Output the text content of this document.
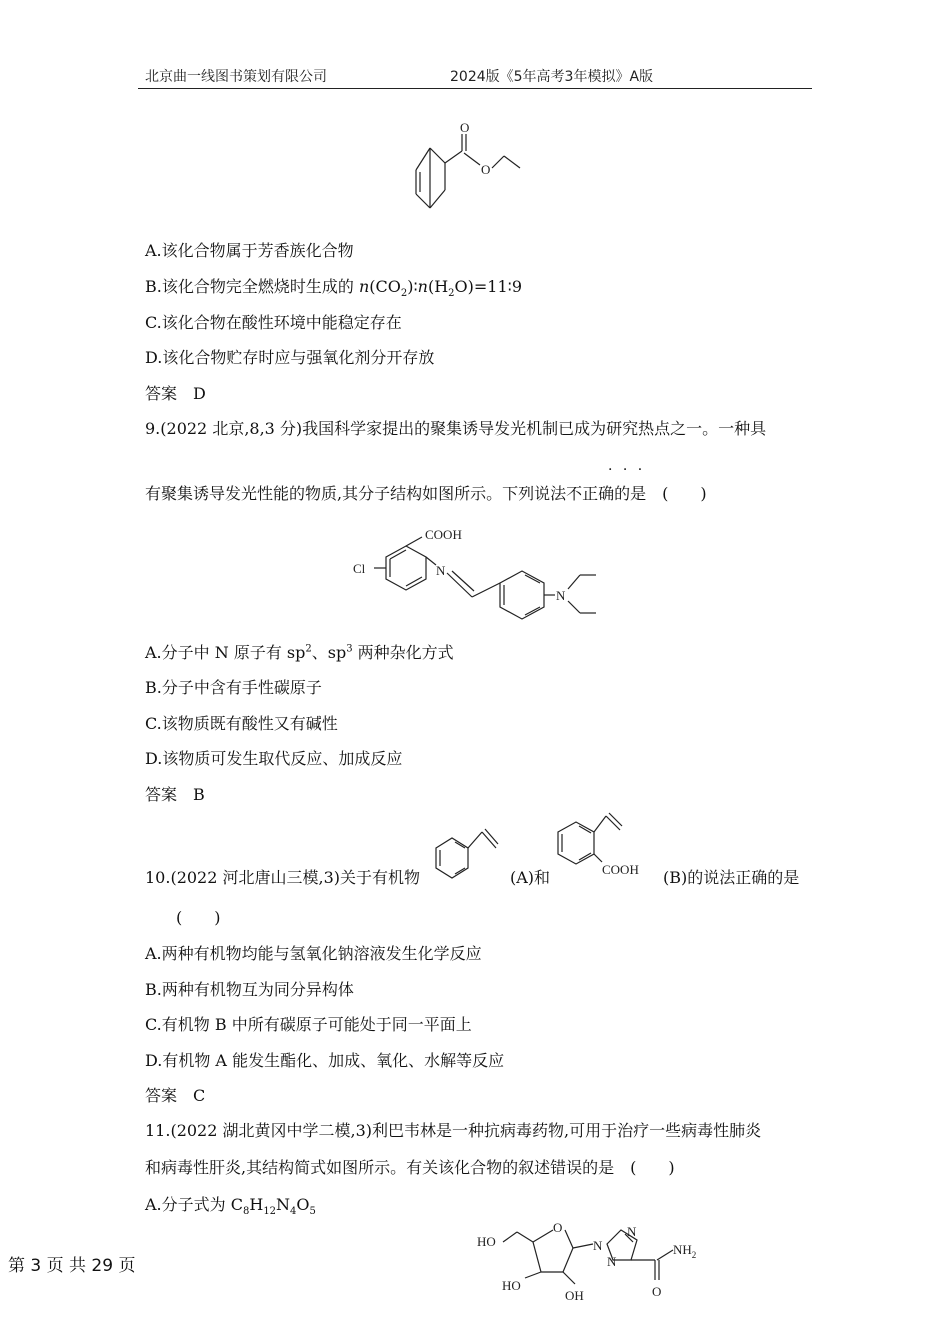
北京曲一线图书策划有限公司	2024版《5年高考3年模拟》A版
O
O
A.该化合物属于芳香族化合物
B.该化合物完全燃烧时生成的 $n(CO_2)∶n(H_2O)=11∶9$
C.该化合物在酸性环境中能稳定存在
D.该化合物贮存时应与强氧化剂分开存放
答案　D
9.(2022 北京,8,3 分)我国科学家提出的聚集诱导发光机制已成为研究热点之一。一种具
· · ·
有聚集诱导发光性能的物质,其分子结构如图所示。下列说法不正确的是　(　　)
COOH
Cl	N
N
A.分子中 N 原子有 $sp^2$、$sp^3$ 两种杂化方式
B.分子中含有手性碳原子
C.该物质既有酸性又有碱性
D.该物质可发生取代反应、加成反应
答案　B
10.(2022 河北唐山三模,3)关于有机物	(A)和	COOH (B)的说法正确的是
(　　)
A.两种有机物均能与氢氧化钠溶液发生化学反应
B.两种有机物互为同分异构体
C.有机物 B 中所有碳原子可能处于同一平面上
D.有机物 A 能发生酯化、加成、氧化、水解等反应
答案　C
11.(2022 湖北黄冈中学二模,3)利巴韦林是一种抗病毒药物,可用于治疗一些病毒性肺炎
和病毒性肝炎,其结构简式如图所示。有关该化合物的叙述错误的是　(　　)
A.分子式为 $C_8H_{12}N_4O_5$
HO
O
HO
OH
N
N
N
O
$NH_2$
第 3 页 共 29 页
